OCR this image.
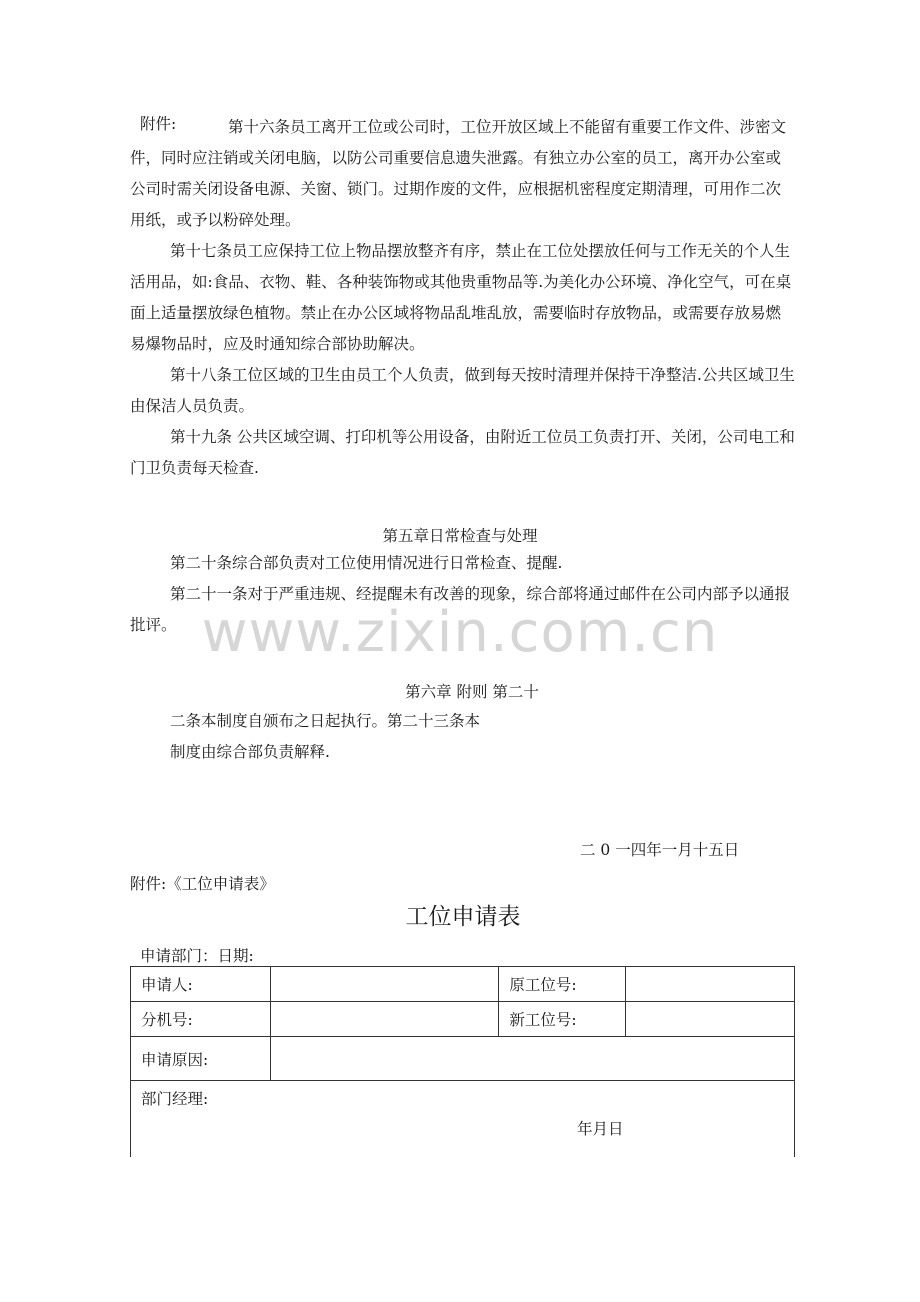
附件:	第十六条员工离开工位或公司时，工位开放区域上不能留有重要工作文件、涉密文件，同时应注销或关闭电脑，以防公司重要信息遗失泄露。有独立办公室的员工，离开办公室或公司时需关闭设备电源、关窗、锁门。过期作废的文件，应根据机密程度定期清理，可用作二次用纸，或予以粉碎处理。

第十七条员工应保持工位上物品摆放整齐有序，禁止在工位处摆放任何与工作无关的个人生活用品，如:食品、衣物、鞋、各种装饰物或其他贵重物品等.为美化办公环境、净化空气，可在桌面上适量摆放绿色植物。禁止在办公区域将物品乱堆乱放，需要临时存放物品，或需要存放易燃易爆物品时，应及时通知综合部协助解决。

第十八条工位区域的卫生由员工个人负责，做到每天按时清理并保持干净整洁.公共区域卫生由保洁人员负责。

第十九条 公共区域空调、打印机等公用设备，由附近工位员工负责打开、关闭，公司电工和门卫负责每天检查.

第五章日常检查与处理

第二十条综合部负责对工位使用情况进行日常检查、提醒.

第二十一条对于严重违规、经提醒未有改善的现象，综合部将通过邮件在公司内部予以通报批评。 www.zixin.com.cn
第六章 附则 第二十

二条本制度自颁布之日起执行。第二十三条本

制度由综合部负责解释.

二 0 一四年一月十五日
附件:《工位申请表》
工位申请表
申请部门：日期:
申请人:		原工位号:	
分机号:		新工位号:	
申请原因:			
部门经理:
年月日			
